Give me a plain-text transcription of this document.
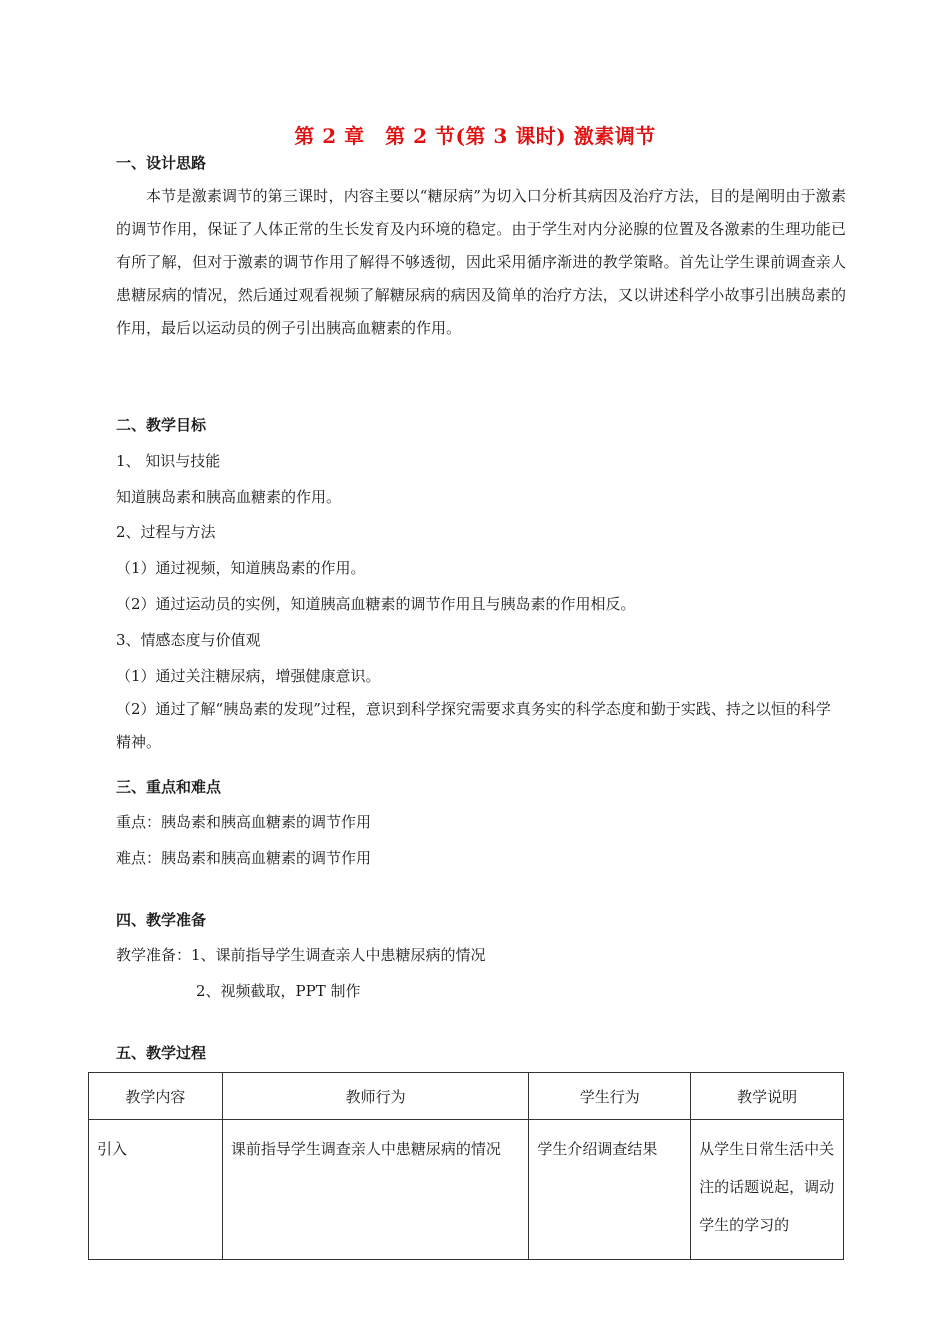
第 2 章　第 2 节(第 3 课时) 激素调节
一、设计思路
本节是激素调节的第三课时，内容主要以“糖尿病”为切入口分析其病因及治疗方法，目的是阐明由于激素的调节作用，保证了人体正常的生长发育及内环境的稳定。由于学生对内分泌腺的位置及各激素的生理功能已有所了解，但对于激素的调节作用了解得不够透彻，因此采用循序渐进的教学策略。首先让学生课前调查亲人患糖尿病的情况，然后通过观看视频了解糖尿病的病因及简单的治疗方法，又以讲述科学小故事引出胰岛素的作用，最后以运动员的例子引出胰高血糖素的作用。
二、教学目标
1、 知识与技能
知道胰岛素和胰高血糖素的作用。
2、过程与方法
（1）通过视频，知道胰岛素的作用。
（2）通过运动员的实例，知道胰高血糖素的调节作用且与胰岛素的作用相反。
3、情感态度与价值观
（1）通过关注糖尿病，增强健康意识。
（2）通过了解“胰岛素的发现”过程，意识到科学探究需要求真务实的科学态度和勤于实践、持之以恒的科学精神。
三、重点和难点
重点：胰岛素和胰高血糖素的调节作用
难点：胰岛素和胰高血糖素的调节作用
四、教学准备
教学准备：1、课前指导学生调查亲人中患糖尿病的情况
2、视频截取，PPT 制作
五、教学过程
教学内容	教师行为	学生行为	教学说明
引入	课前指导学生调查亲人中患糖尿病的情况	学生介绍调查结果	从学生日常生活中关注的话题说起，调动学生的学习的
